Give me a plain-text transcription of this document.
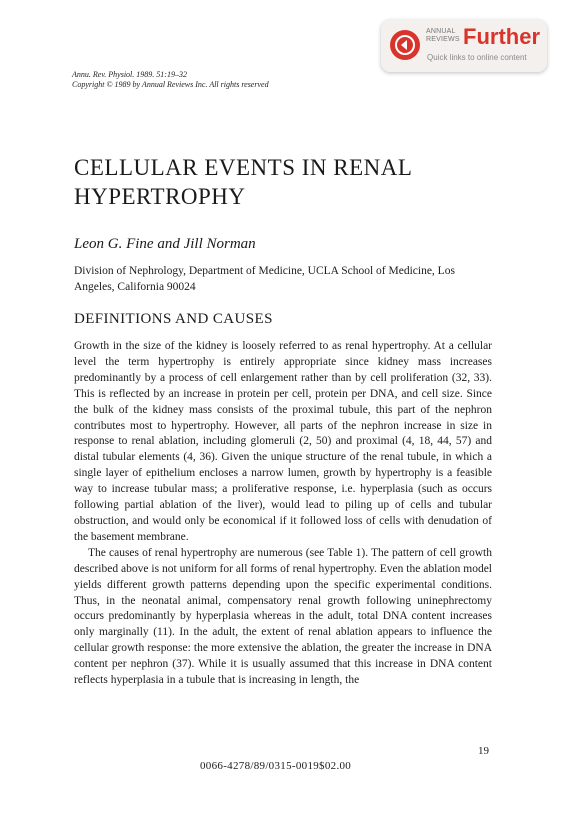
ANNUAL
REVIEWS Further
Quick links to online content
Annu. Rev. Physiol. 1989. 51:19–32
Copyright © 1989 by Annual Reviews Inc. All rights reserved
CELLULAR EVENTS IN RENAL HYPERTROPHY
Leon G. Fine and Jill Norman
Division of Nephrology, Department of Medicine, UCLA School of Medicine, Los Angeles, California 90024
DEFINITIONS AND CAUSES

Growth in the size of the kidney is loosely referred to as renal hypertrophy. At a cellular level the term hypertrophy is entirely appropriate since kidney mass increases predominantly by a process of cell enlargement rather than by cell proliferation (32, 33). This is reflected by an increase in protein per cell, protein per DNA, and cell size. Since the bulk of the kidney mass consists of the proximal tubule, this part of the nephron contributes most to hypertrophy. However, all parts of the nephron increase in size in response to renal ablation, including glomeruli (2, 50) and proximal (4, 18, 44, 57) and distal tubular elements (4, 36). Given the unique structure of the renal tubule, in which a single layer of epithelium encloses a narrow lumen, growth by hypertrophy is a feasible way to increase tubular mass; a proliferative response, i.e. hyperplasia (such as occurs following partial ablation of the liver), would lead to piling up of cells and tubular obstruction, and would only be economical if it followed loss of cells with denudation of the basement membrane.

The causes of renal hypertrophy are numerous (see Table 1). The pattern of cell growth described above is not uniform for all forms of renal hypertrophy. Even the ablation model yields different growth patterns depending upon the specific experimental conditions. Thus, in the neonatal animal, compensatory renal growth following uninephrectomy occurs predominantly by hyperplasia whereas in the adult, total DNA content increases only marginally (11). In the adult, the extent of renal ablation appears to influence the cellular growth response: the more extensive the ablation, the greater the increase in DNA content per nephron (37). While it is usually assumed that this increase in DNA content reflects hyperplasia in a tubule that is increasing in length, the

19
0066-4278/89/0315-0019$02.00
